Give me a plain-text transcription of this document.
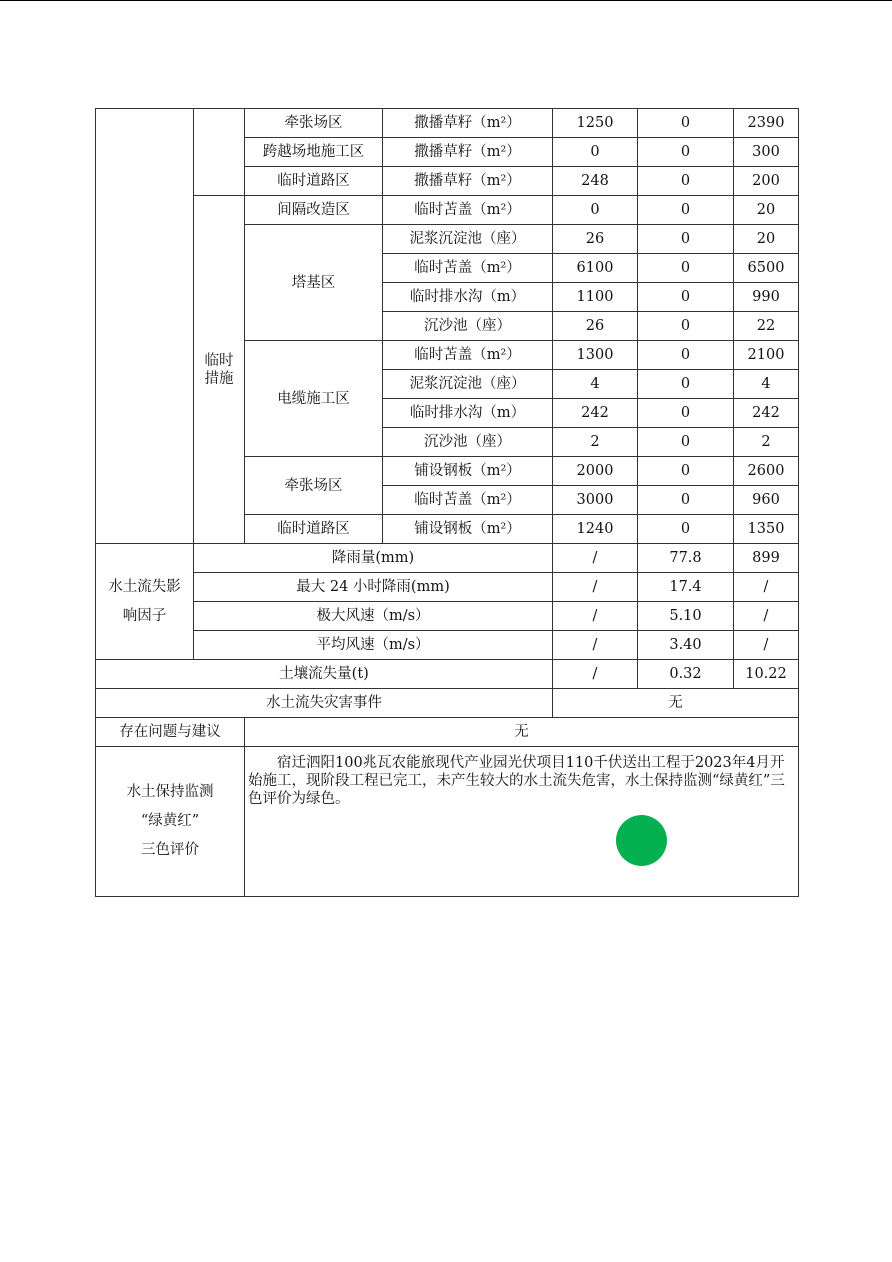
		牵张场区	撒播草籽（m²）	1250	0	2390
		跨越场地施工区	撒播草籽（m²）	0	0	300
		临时道路区	撒播草籽（m²）	248	0	200
	临时措施	间隔改造区	临时苫盖（m²）	0	0	20
		塔基区	泥浆沉淀池（座）	26	0	20
			临时苫盖（m²）	6100	0	6500
			临时排水沟（m）	1100	0	990
			沉沙池（座）	26	0	22
		电缆施工区	临时苫盖（m²）	1300	0	2100
			泥浆沉淀池（座）	4	0	4
			临时排水沟（m）	242	0	242
			沉沙池（座）	2	0	2
		牵张场区	铺设钢板（m²）	2000	0	2600
			临时苫盖（m²）	3000	0	960
		临时道路区	铺设钢板（m²）	1240	0	1350
水土流失影响因子	降雨量(mm)			/	77.8	899
	最大 24 小时降雨(mm)			/	17.4	/
	极大风速（m/s）			/	5.10	/
	平均风速（m/s）			/	3.40	/
土壤流失量(t)				/	0.32	10.22
水土流失灾害事件				无		
存在问题与建议		无				

水土保持监测
“绿黄红”
三色评价		宿迁泗阳100兆瓦农能旅现代产业园光伏项目110千伏送出工程于2023年4月开始施工，现阶段工程已完工，未产生较大的水土流失危害，水土保持监测“绿黄红”三色评价为绿色。				
